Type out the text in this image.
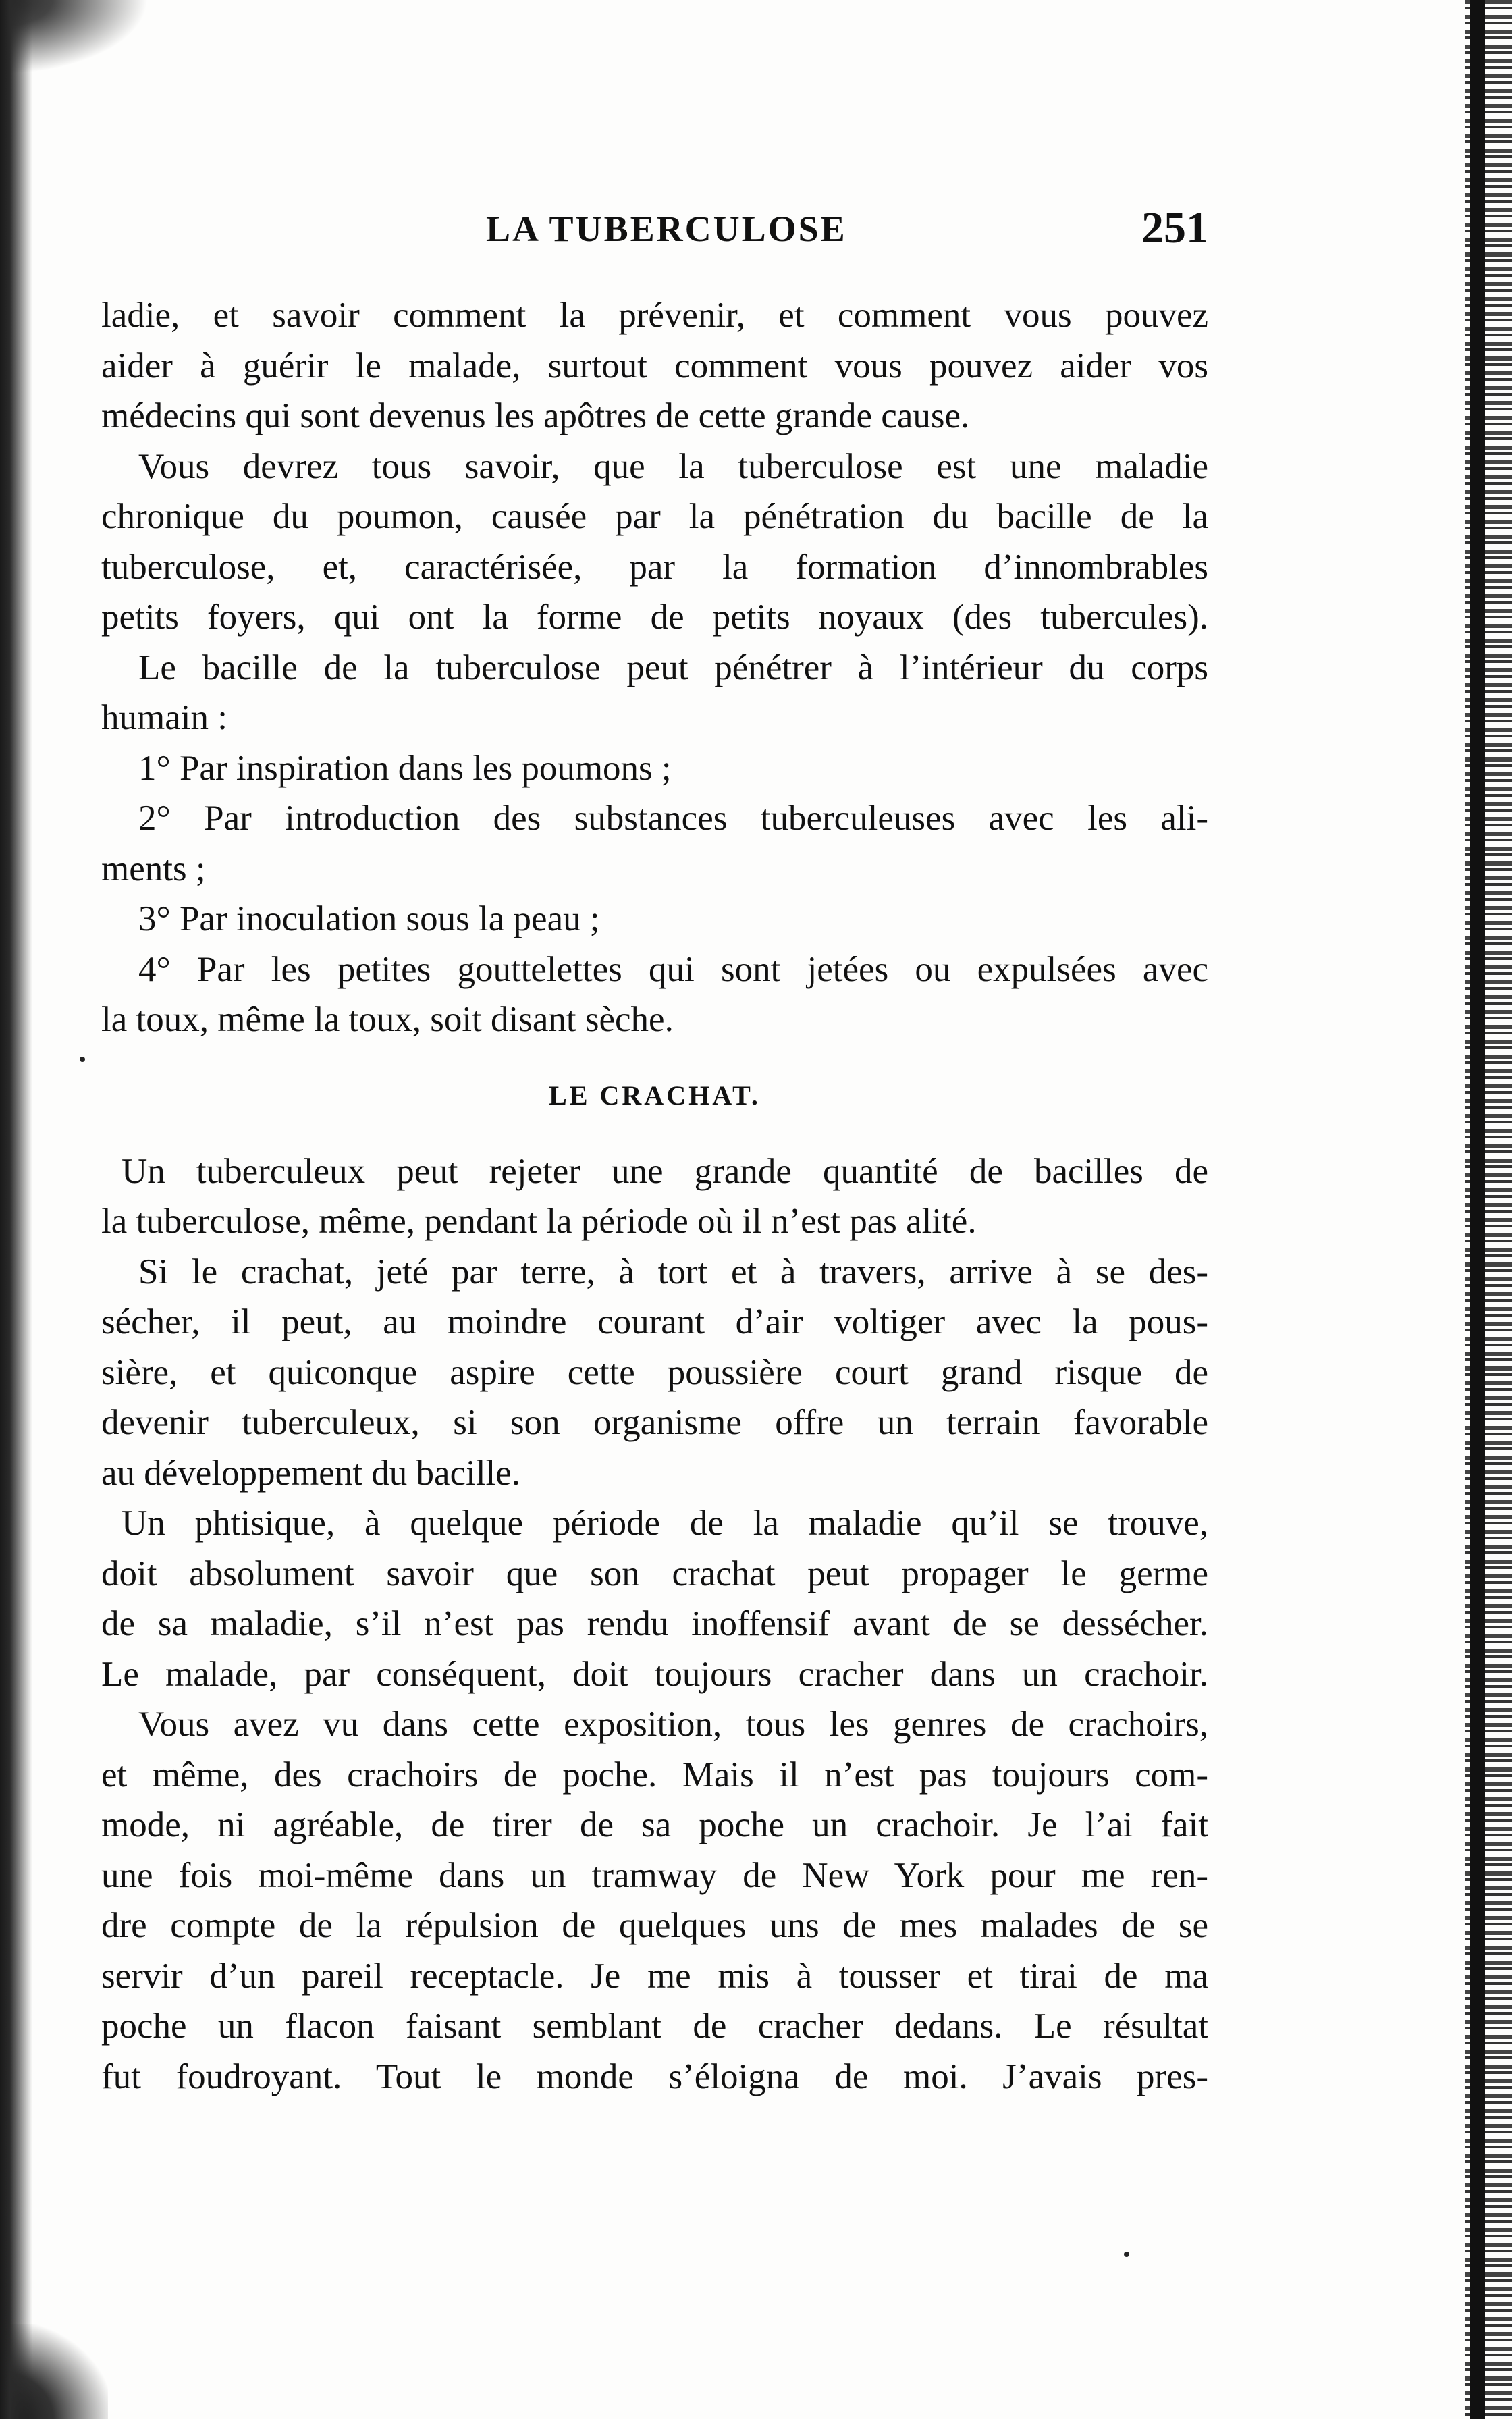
LA TUBERCULOSE	251
ladie, et savoir comment la prévenir, et comment vous pouvez
aider à guérir le malade, surtout comment vous pouvez aider vos
médecins qui sont devenus les apôtres de cette grande cause.
Vous devrez tous savoir, que la tuberculose est une maladie
chronique du poumon, causée par la pénétration du bacille de la
tuberculose, et, caractérisée, par la formation d’innombrables
petits foyers, qui ont la forme de petits noyaux (des tubercules).
Le bacille de la tuberculose peut pénétrer à l’intérieur du corps
humain :
1° Par inspiration dans les poumons ;
2° Par introduction des substances tuberculeuses avec les ali-
ments ;
3° Par inoculation sous la peau ;
4° Par les petites gouttelettes qui sont jetées ou expulsées avec
la toux, même la toux, soit disant sèche.
LE CRACHAT.
Un tuberculeux peut rejeter une grande quantité de bacilles de
la tuberculose, même, pendant la période où il n’est pas alité.
Si le crachat, jeté par terre, à tort et à travers, arrive à se des-
sécher, il peut, au moindre courant d’air voltiger avec la pous-
sière, et quiconque aspire cette poussière court grand risque de
devenir tuberculeux, si son organisme offre un terrain favorable
au développement du bacille.
Un phtisique, à quelque période de la maladie qu’il se trouve,
doit absolument savoir que son crachat peut propager le germe
de sa maladie, s’il n’est pas rendu inoffensif avant de se dessécher.
Le malade, par conséquent, doit toujours cracher dans un crachoir.
Vous avez vu dans cette exposition, tous les genres de crachoirs,
et même, des crachoirs de poche. Mais il n’est pas toujours com-
mode, ni agréable, de tirer de sa poche un crachoir. Je l’ai fait
une fois moi-même dans un tramway de New York pour me ren-
dre compte de la répulsion de quelques uns de mes malades de se
servir d’un pareil receptacle. Je me mis à tousser et tirai de ma
poche un flacon faisant semblant de cracher dedans. Le résultat
fut foudroyant. Tout le monde s’éloigna de moi. J’avais pres-
